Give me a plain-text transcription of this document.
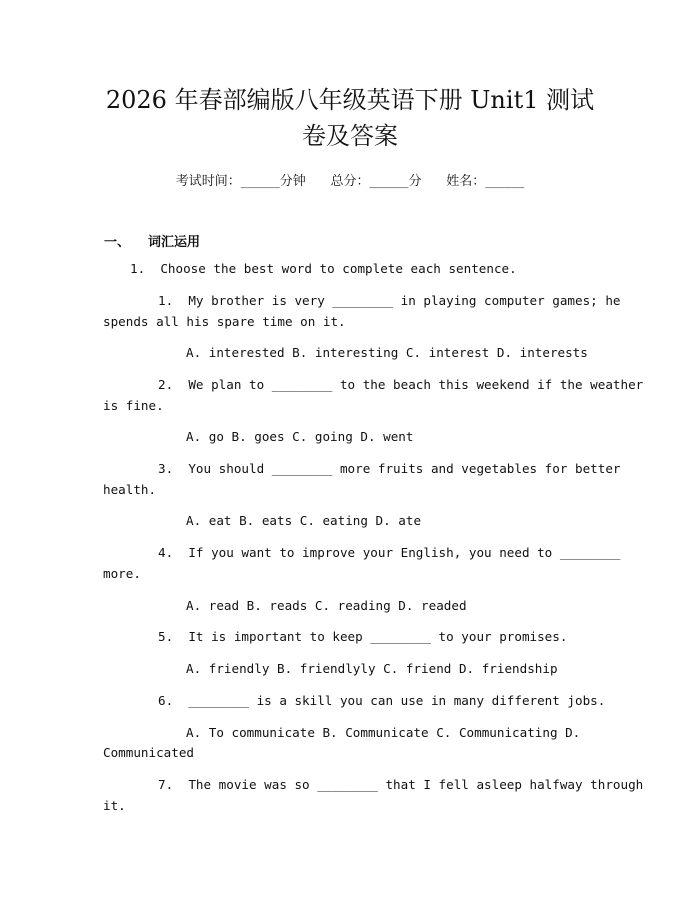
2026 年春部编版八年级英语下册 Unit1 测试
卷及答案
考试时间：______分钟      总分：______分      姓名：______
一、 词汇运用
1.  Choose the best word to complete each sentence.
1.  My brother is very ________ in playing computer games; he
spends all his spare time on it.
A. interested B. interesting C. interest D. interests
2.  We plan to ________ to the beach this weekend if the weather
is fine.
A. go B. goes C. going D. went
3.  You should ________ more fruits and vegetables for better
health.
A. eat B. eats C. eating D. ate
4.  If you want to improve your English, you need to ________
more.
A. read B. reads C. reading D. readed
5.  It is important to keep ________ to your promises.
A. friendly B. friendlyly C. friend D. friendship
6.  ________ is a skill you can use in many different jobs.
A. To communicate B. Communicate C. Communicating D.
Communicated
7.  The movie was so ________ that I fell asleep halfway through
it.
